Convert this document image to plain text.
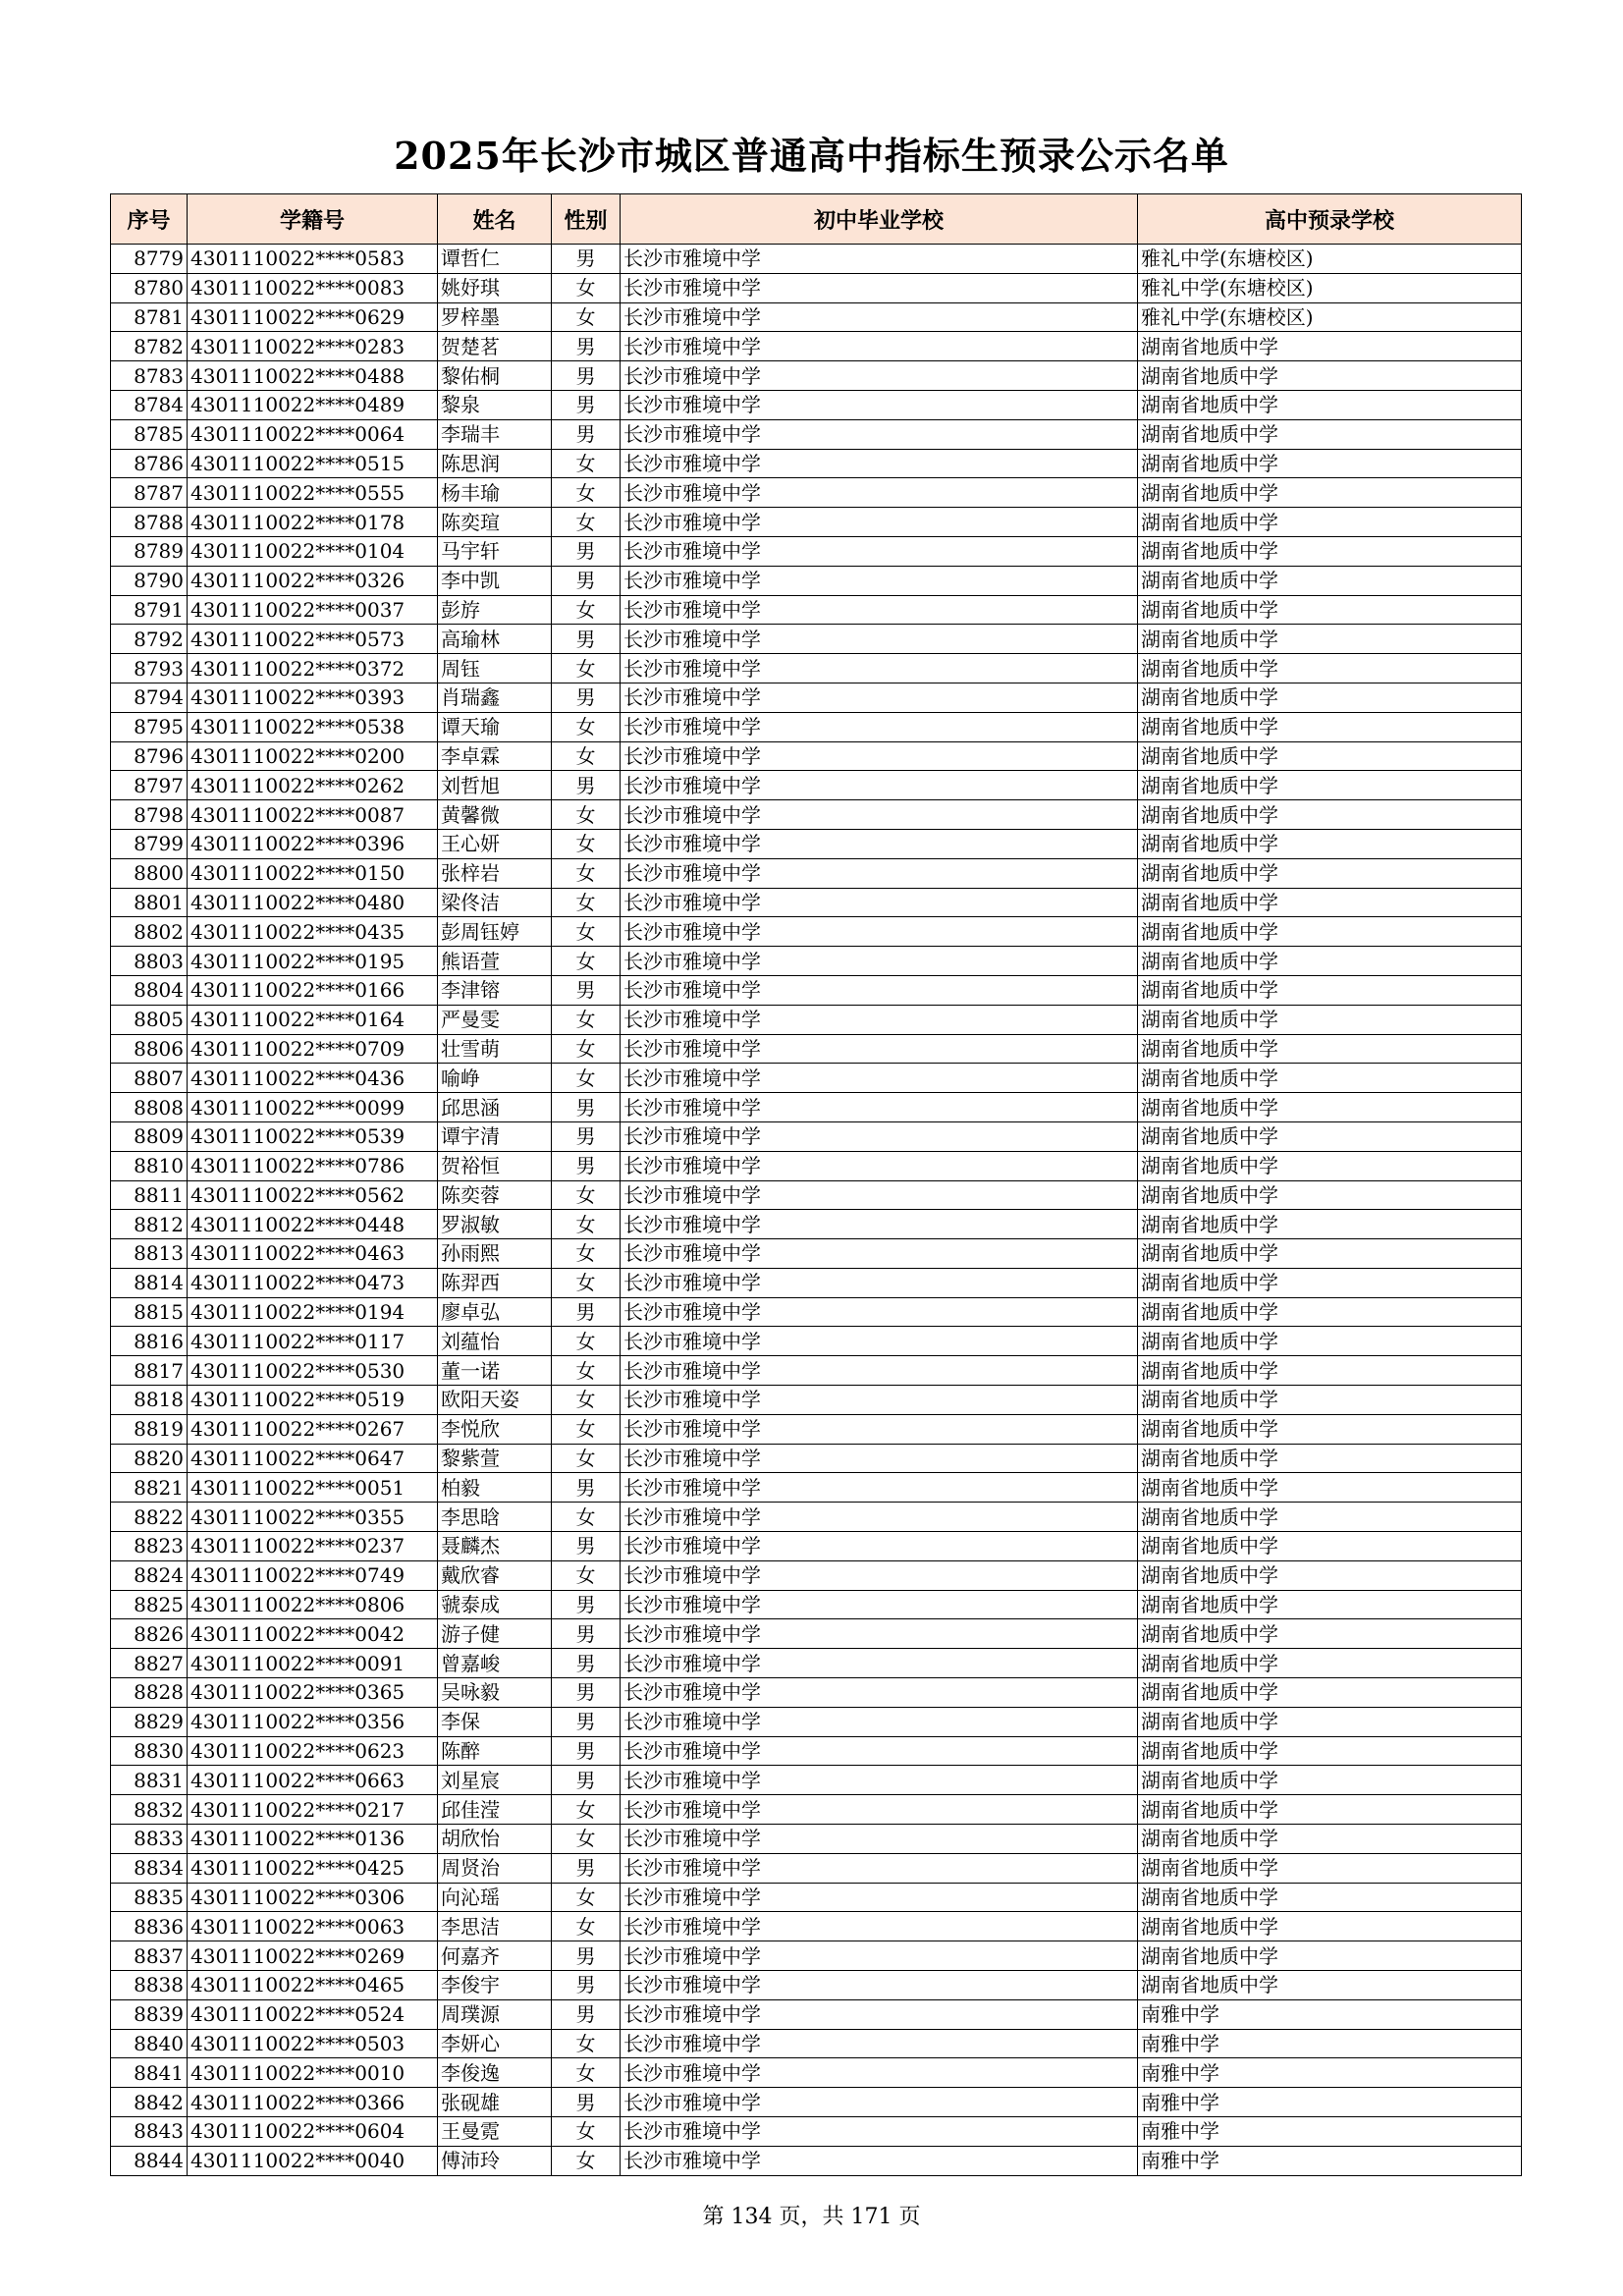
2025年长沙市城区普通高中指标生预录公示名单
序号	学籍号	姓名	性别	初中毕业学校	高中预录学校
8779	4301110022****0583	谭哲仁	男	长沙市雅境中学	雅礼中学(东塘校区)
8780	4301110022****0083	姚妤琪	女	长沙市雅境中学	雅礼中学(东塘校区)
8781	4301110022****0629	罗梓墨	女	长沙市雅境中学	雅礼中学(东塘校区)
8782	4301110022****0283	贺楚茗	男	长沙市雅境中学	湖南省地质中学
8783	4301110022****0488	黎佑桐	男	长沙市雅境中学	湖南省地质中学
8784	4301110022****0489	黎泉	男	长沙市雅境中学	湖南省地质中学
8785	4301110022****0064	李瑞丰	男	长沙市雅境中学	湖南省地质中学
8786	4301110022****0515	陈思润	女	长沙市雅境中学	湖南省地质中学
8787	4301110022****0555	杨丰瑜	女	长沙市雅境中学	湖南省地质中学
8788	4301110022****0178	陈奕瑄	女	长沙市雅境中学	湖南省地质中学
8789	4301110022****0104	马宇轩	男	长沙市雅境中学	湖南省地质中学
8790	4301110022****0326	李中凯	男	长沙市雅境中学	湖南省地质中学
8791	4301110022****0037	彭斿	女	长沙市雅境中学	湖南省地质中学
8792	4301110022****0573	高瑜林	男	长沙市雅境中学	湖南省地质中学
8793	4301110022****0372	周钰	女	长沙市雅境中学	湖南省地质中学
8794	4301110022****0393	肖瑞鑫	男	长沙市雅境中学	湖南省地质中学
8795	4301110022****0538	谭天瑜	女	长沙市雅境中学	湖南省地质中学
8796	4301110022****0200	李卓霖	女	长沙市雅境中学	湖南省地质中学
8797	4301110022****0262	刘哲旭	男	长沙市雅境中学	湖南省地质中学
8798	4301110022****0087	黄馨微	女	长沙市雅境中学	湖南省地质中学
8799	4301110022****0396	王心妍	女	长沙市雅境中学	湖南省地质中学
8800	4301110022****0150	张梓岩	女	长沙市雅境中学	湖南省地质中学
8801	4301110022****0480	梁佟洁	女	长沙市雅境中学	湖南省地质中学
8802	4301110022****0435	彭周钰婷	女	长沙市雅境中学	湖南省地质中学
8803	4301110022****0195	熊语萱	女	长沙市雅境中学	湖南省地质中学
8804	4301110022****0166	李津镕	男	长沙市雅境中学	湖南省地质中学
8805	4301110022****0164	严曼雯	女	长沙市雅境中学	湖南省地质中学
8806	4301110022****0709	壮雪萌	女	长沙市雅境中学	湖南省地质中学
8807	4301110022****0436	喻峥	女	长沙市雅境中学	湖南省地质中学
8808	4301110022****0099	邱思涵	男	长沙市雅境中学	湖南省地质中学
8809	4301110022****0539	谭宇清	男	长沙市雅境中学	湖南省地质中学
8810	4301110022****0786	贺裕恒	男	长沙市雅境中学	湖南省地质中学
8811	4301110022****0562	陈奕蓉	女	长沙市雅境中学	湖南省地质中学
8812	4301110022****0448	罗淑敏	女	长沙市雅境中学	湖南省地质中学
8813	4301110022****0463	孙雨熙	女	长沙市雅境中学	湖南省地质中学
8814	4301110022****0473	陈羿西	女	长沙市雅境中学	湖南省地质中学
8815	4301110022****0194	廖卓弘	男	长沙市雅境中学	湖南省地质中学
8816	4301110022****0117	刘蕴怡	女	长沙市雅境中学	湖南省地质中学
8817	4301110022****0530	董一诺	女	长沙市雅境中学	湖南省地质中学
8818	4301110022****0519	欧阳天姿	女	长沙市雅境中学	湖南省地质中学
8819	4301110022****0267	李悦欣	女	长沙市雅境中学	湖南省地质中学
8820	4301110022****0647	黎紫萱	女	长沙市雅境中学	湖南省地质中学
8821	4301110022****0051	柏毅	男	长沙市雅境中学	湖南省地质中学
8822	4301110022****0355	李思晗	女	长沙市雅境中学	湖南省地质中学
8823	4301110022****0237	聂麟杰	男	长沙市雅境中学	湖南省地质中学
8824	4301110022****0749	戴欣睿	女	长沙市雅境中学	湖南省地质中学
8825	4301110022****0806	虢泰成	男	长沙市雅境中学	湖南省地质中学
8826	4301110022****0042	游子健	男	长沙市雅境中学	湖南省地质中学
8827	4301110022****0091	曾嘉峻	男	长沙市雅境中学	湖南省地质中学
8828	4301110022****0365	吴咏毅	男	长沙市雅境中学	湖南省地质中学
8829	4301110022****0356	李保	男	长沙市雅境中学	湖南省地质中学
8830	4301110022****0623	陈醉	男	长沙市雅境中学	湖南省地质中学
8831	4301110022****0663	刘星宸	男	长沙市雅境中学	湖南省地质中学
8832	4301110022****0217	邱佳滢	女	长沙市雅境中学	湖南省地质中学
8833	4301110022****0136	胡欣怡	女	长沙市雅境中学	湖南省地质中学
8834	4301110022****0425	周贤治	男	长沙市雅境中学	湖南省地质中学
8835	4301110022****0306	向沁瑶	女	长沙市雅境中学	湖南省地质中学
8836	4301110022****0063	李思洁	女	长沙市雅境中学	湖南省地质中学
8837	4301110022****0269	何嘉齐	男	长沙市雅境中学	湖南省地质中学
8838	4301110022****0465	李俊宇	男	长沙市雅境中学	湖南省地质中学
8839	4301110022****0524	周璞源	男	长沙市雅境中学	南雅中学
8840	4301110022****0503	李妍心	女	长沙市雅境中学	南雅中学
8841	4301110022****0010	李俊逸	女	长沙市雅境中学	南雅中学
8842	4301110022****0366	张砚雄	男	长沙市雅境中学	南雅中学
8843	4301110022****0604	王曼霓	女	长沙市雅境中学	南雅中学
8844	4301110022****0040	傅沛玲	女	长沙市雅境中学	南雅中学
第 134 页，共 171 页
